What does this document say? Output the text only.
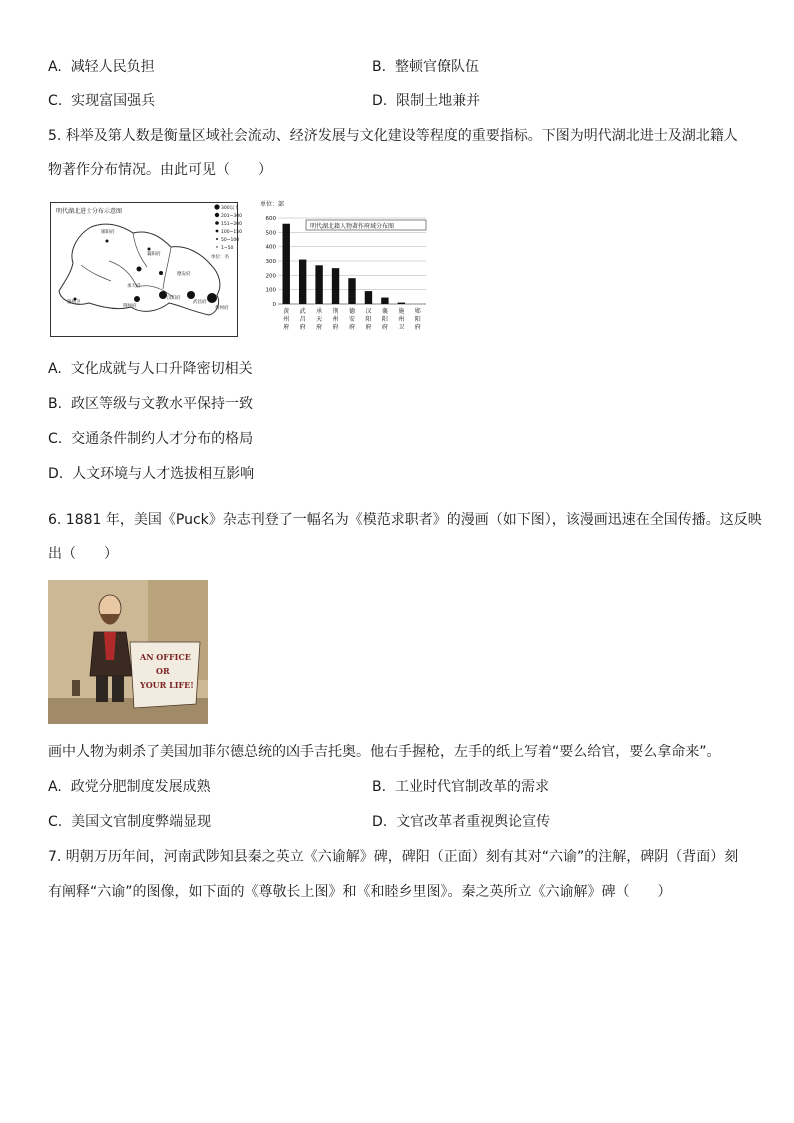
A. 减轻人民负担	B. 整顿官僚队伍
C. 实现富国强兵	D. 限制土地兼并
5. 科举及第人数是衡量区域社会流动、经济发展与文化建设等程度的重要指标。下图为明代湖北进士及湖北籍人
物著作分布情况。由此可见（　　）
明代湖北进士分布示意图	300以上
201~300
151~200
100~150
50~100
1~50
单位：名
郧阳府
襄阳府
德安府
承天府
荆州府
施州卫
汉阳府
黄州府
武昌府
单位：部
明代湖北籍人物著作府域分布图
0
100
200
300
400
500
600
黄
州
府
武
昌
府
承
天
府
荆
州
府
德
安
府
汉
阳
府
襄
阳
府
施
州
卫
郧
阳
府
A. 文化成就与人口升降密切相关
B. 政区等级与文教水平保持一致
C. 交通条件制约人才分布的格局
D. 人文环境与人才选拔相互影响
6. 1881 年，美国《Puck》杂志刊登了一幅名为《模范求职者》的漫画（如下图），该漫画迅速在全国传播。这反映
出（　　）
AN OFFICE
OR
YOUR LIFE!
画中人物为刺杀了美国加菲尔德总统的凶手吉托奥。他右手握枪，左手的纸上写着“要么给官，要么拿命来”。
A. 政党分肥制度发展成熟	B. 工业时代官制改革的需求
C. 美国文官制度弊端显现	D. 文官改革者重视舆论宣传
7. 明朝万历年间，河南武陟知县秦之英立《六谕解》碑，碑阳（正面）刻有其对“六谕”的注解，碑阴（背面）刻
有阐释“六谕”的图像，如下面的《尊敬长上图》和《和睦乡里图》。秦之英所立《六谕解》碑（　　）
